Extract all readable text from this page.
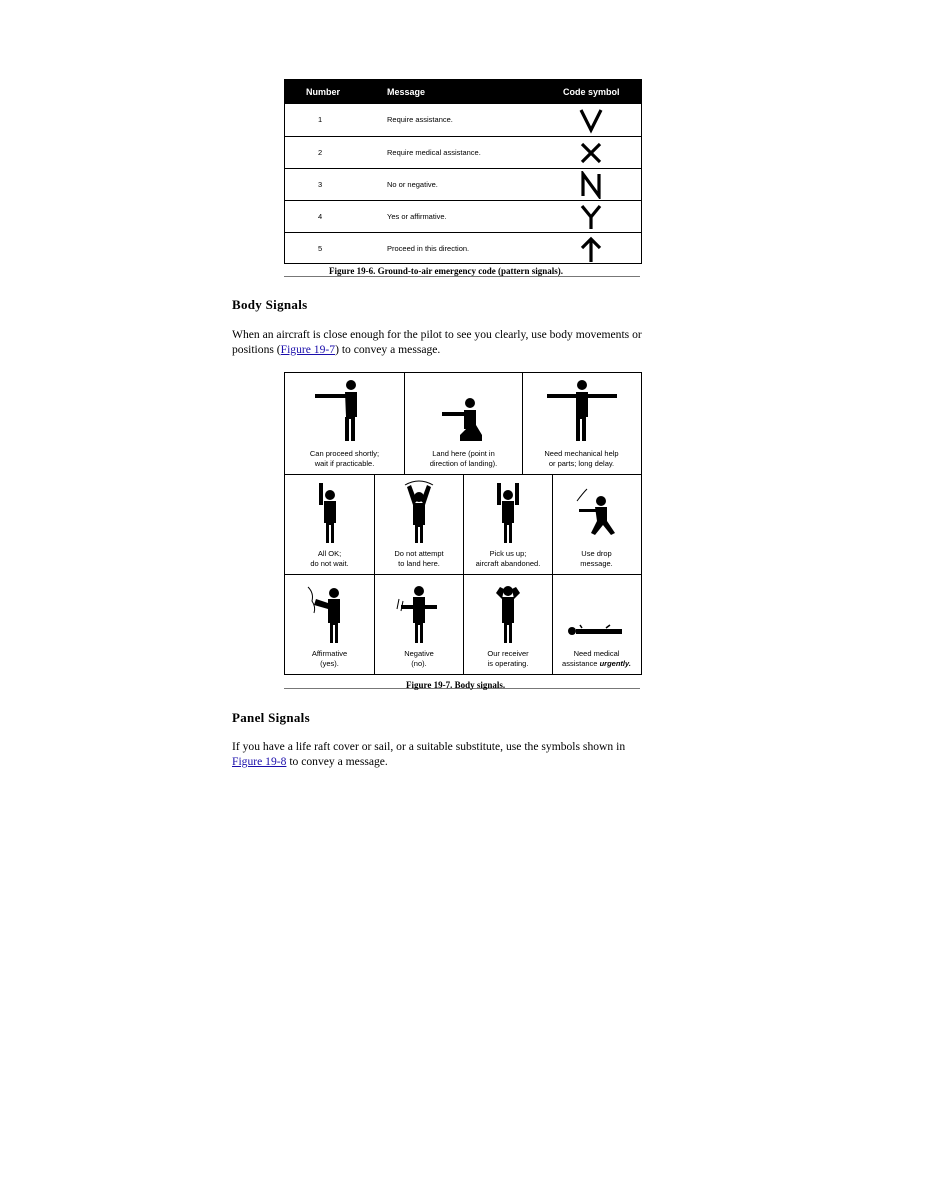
Number	Message	Code symbol
1	Require assistance.
2	Require medical assistance.
3	No or negative.
4	Yes or affirmative.
5	Proceed in this direction.
Figure 19-6. Ground-to-air emergency code (pattern signals).
Body Signals
When an aircraft is close enough for the pilot to see you clearly, use body movements or
positions (Figure 19-7) to convey a message.
Can proceed shortly;
wait if practicable.
Land here (point in
direction of landing).
Need mechanical help
or parts; long delay.
All OK;
do not wait.
Do not attempt
to land here.
Pick us up;
aircraft abandoned.
Use drop
message.
Affirmative
(yes).
Negative
(no).
Our receiver
is operating.
Need medical
assistance urgently.
Figure 19-7. Body signals.
Panel Signals
If you have a life raft cover or sail, or a suitable substitute, use the symbols shown in
Figure 19-8 to convey a message.
